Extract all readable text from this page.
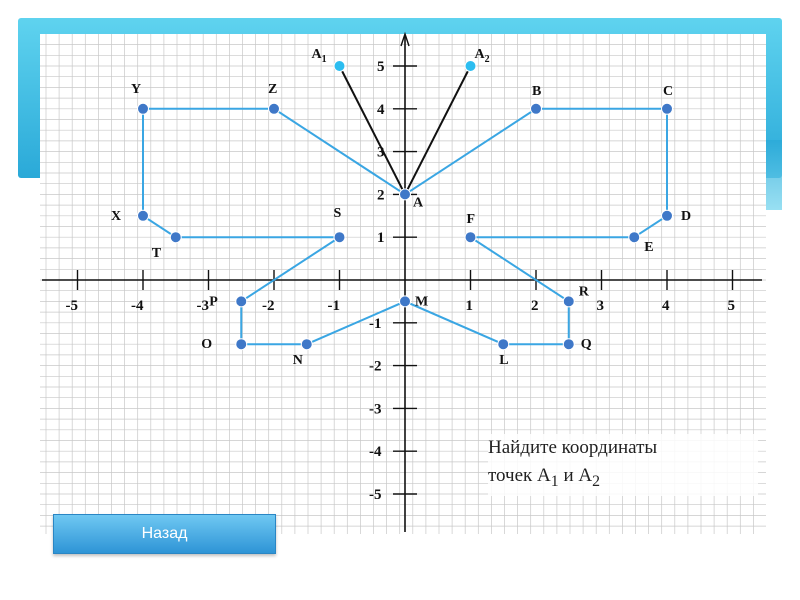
-5	-4	-3	-2	-1	1	2	3	4	5
5
4
3
2
1
-1
-2
-3
-4
-5
A
B	C
D
E
F
R
Q
L
M
N
O
P
S
T
X
Y	Z
$A_1$	$A_2$
Найдите координаты
точек $A_1$ и $A_2$
Назад
